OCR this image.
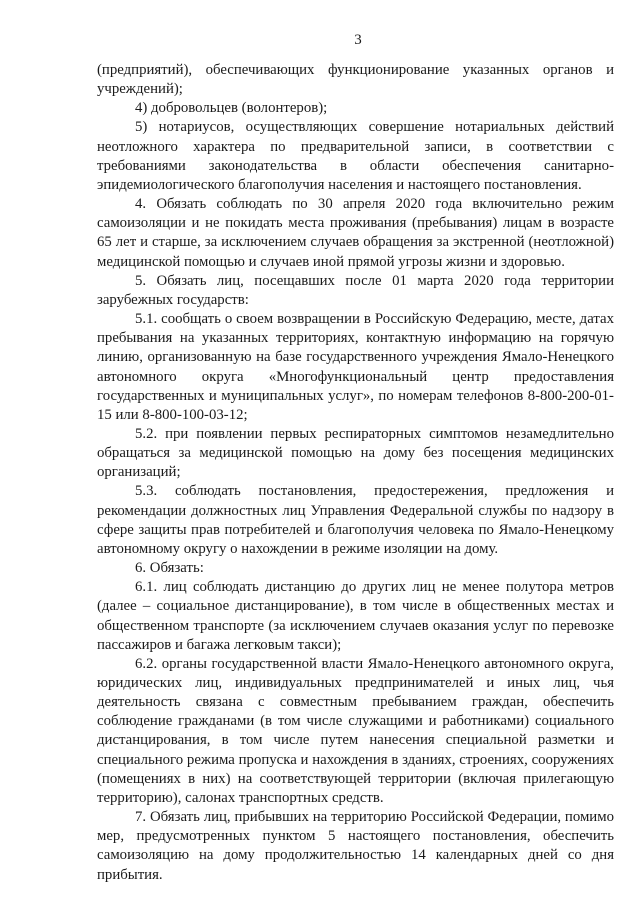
3

(предприятий), обеспечивающих функционирование указанных органов и учреждений);

4) добровольцев (волонтеров);

5) нотариусов, осуществляющих совершение нотариальных действий неотложного характера по предварительной записи, в соответствии с требованиями законодательства в области обеспечения санитарно-эпидемиологического благополучия населения и настоящего постановления.

4. Обязать соблюдать по 30 апреля 2020 года включительно режим самоизоляции и не покидать места проживания (пребывания) лицам в возрасте 65 лет и старше, за исключением случаев обращения за экстренной (неотложной) медицинской помощью и случаев иной прямой угрозы жизни и здоровью.

5. Обязать лиц, посещавших после 01 марта 2020 года территории зарубежных государств:

5.1. сообщать о своем возвращении в Российскую Федерацию, месте, датах пребывания на указанных территориях, контактную информацию на горячую линию, организованную на базе государственного учреждения Ямало-Ненецкого автономного округа «Многофункциональный центр предоставления государственных и муниципальных услуг», по номерам телефонов 8-800-200-01-15 или 8-800-100-03-12;

5.2. при появлении первых респираторных симптомов незамедлительно обращаться за медицинской помощью на дому без посещения медицинских организаций;

5.3. соблюдать постановления, предостережения, предложения и рекомендации должностных лиц Управления Федеральной службы по надзору в сфере защиты прав потребителей и благополучия человека по Ямало-Ненецкому автономному округу о нахождении в режиме изоляции на дому.

6. Обязать:

6.1. лиц соблюдать дистанцию до других лиц не менее полутора метров (далее – социальное дистанцирование), в том числе в общественных местах и общественном транспорте (за исключением случаев оказания услуг по перевозке пассажиров и багажа легковым такси);

6.2. органы государственной власти Ямало-Ненецкого автономного округа, юридических лиц, индивидуальных предпринимателей и иных лиц, чья деятельность связана с совместным пребыванием граждан, обеспечить соблюдение гражданами (в том числе служащими и работниками) социального дистанцирования, в том числе путем нанесения специальной разметки и специального режима пропуска и нахождения в зданиях, строениях, сооружениях (помещениях в них) на соответствующей территории (включая прилегающую территорию), салонах транспортных средств.

7. Обязать лиц, прибывших на территорию Российской Федерации, помимо мер, предусмотренных пунктом 5 настоящего постановления, обеспечить самоизоляцию на дому продолжительностью 14 календарных дней со дня прибытия.
